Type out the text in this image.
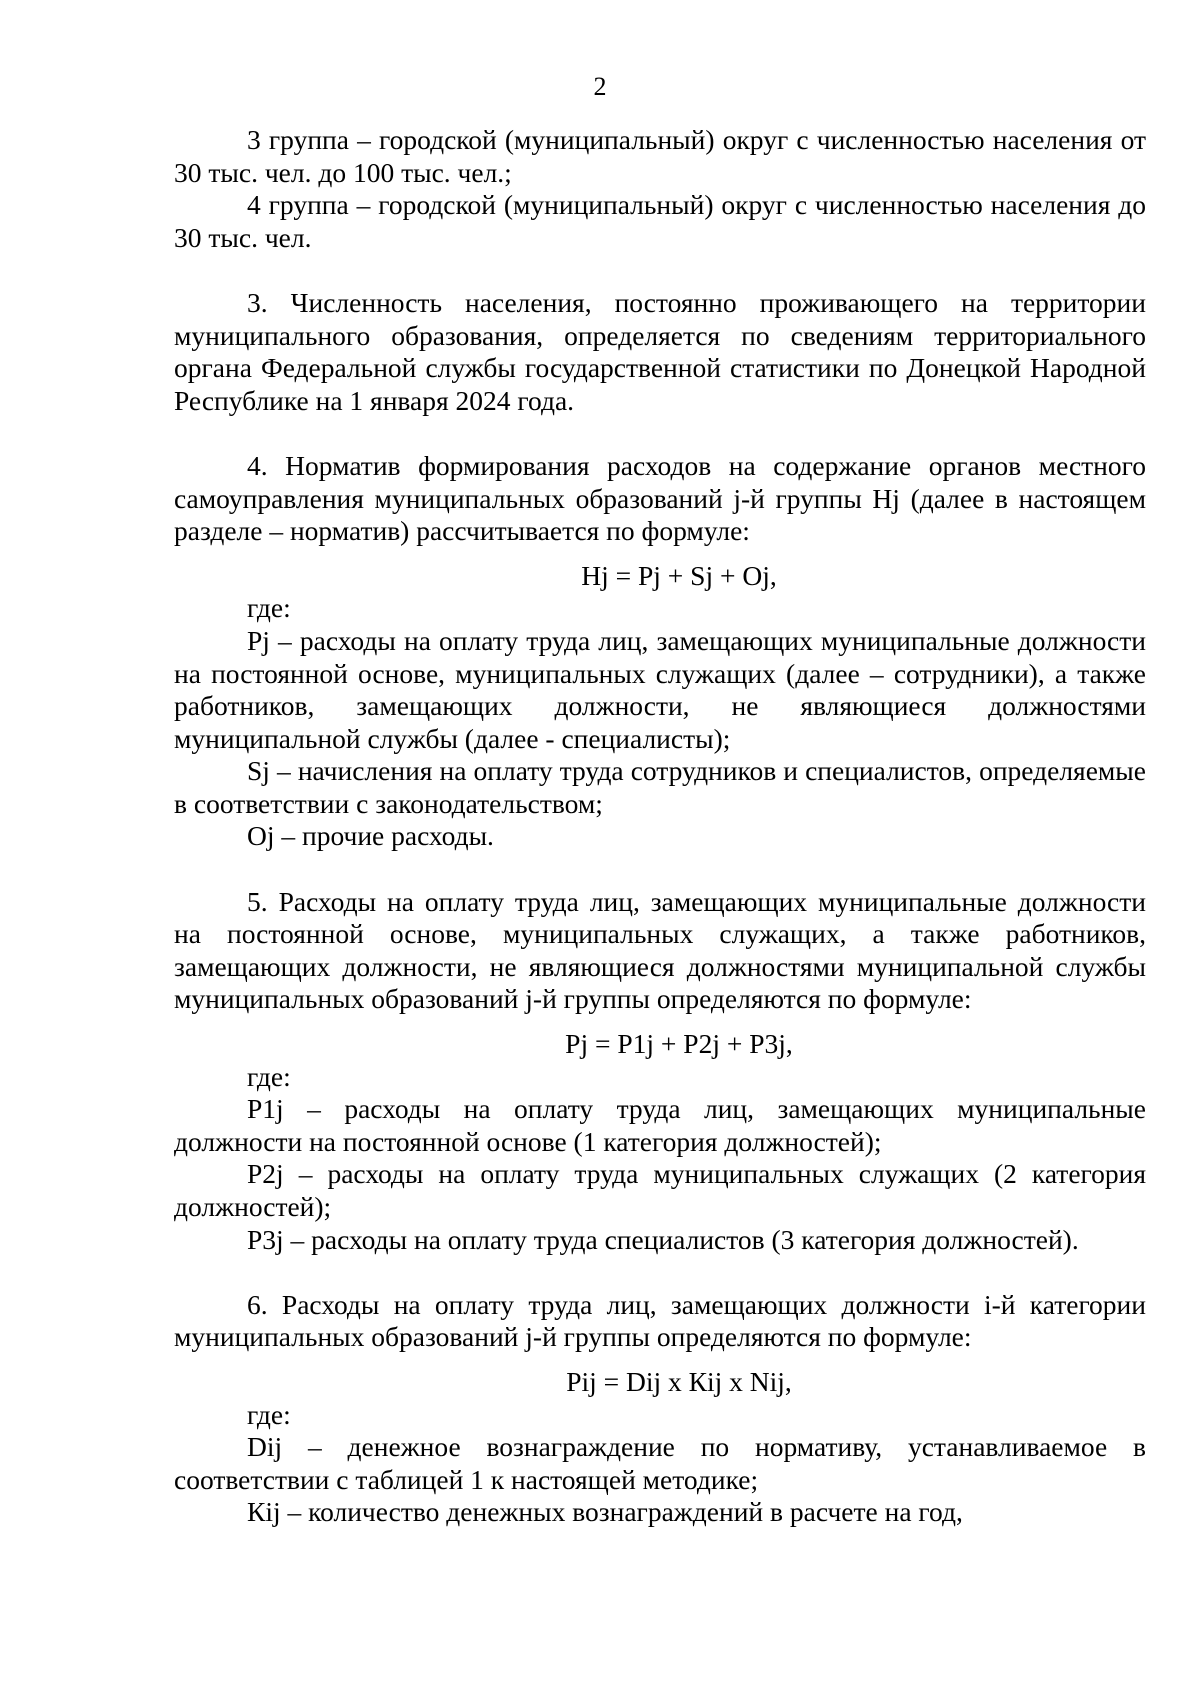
2

3 группа – городской (муниципальный) округ с численностью населения от 30 тыс. чел. до 100 тыс. чел.;

4 группа – городской (муниципальный) округ с численностью населения до 30 тыс. чел.

3. Численность населения, постоянно проживающего на территории муниципального образования, определяется по сведениям территориального органа Федеральной службы государственной статистики по Донецкой Народной Республике на 1 января 2024 года.

4. Норматив формирования расходов на содержание органов местного самоуправления муниципальных образований j-й группы Нj (далее в настоящем разделе – норматив) рассчитывается по формуле:

Нj = Рj + Sj + Оj,

где:

Рj – расходы на оплату труда лиц, замещающих муниципальные должности на постоянной основе, муниципальных служащих (далее – сотрудники), а также работников, замещающих должности, не являющиеся должностями муниципальной службы (далее - специалисты);

Sj – начисления на оплату труда сотрудников и специалистов, определяемые в соответствии с законодательством;

Оj – прочие расходы.

5. Расходы на оплату труда лиц, замещающих муниципальные должности на постоянной основе, муниципальных служащих, а также работников, замещающих должности, не являющиеся должностями муниципальной службы муниципальных образований j-й группы определяются по формуле:

Рj = Р1j + Р2j + Р3j,

где:

Р1j – расходы на оплату труда лиц, замещающих муниципальные должности на постоянной основе (1 категория должностей);

Р2j – расходы на оплату труда муниципальных служащих (2 категория должностей);

Р3j – расходы на оплату труда специалистов (3 категория должностей).

6. Расходы на оплату труда лиц, замещающих должности i-й категории муниципальных образований j-й группы определяются по формуле:

Рij = Dij x Кij x Nij,

где:

Dij – денежное вознаграждение по нормативу, устанавливаемое в соответствии с таблицей 1 к настоящей методике;

Кij – количество денежных вознаграждений в расчете на год,
